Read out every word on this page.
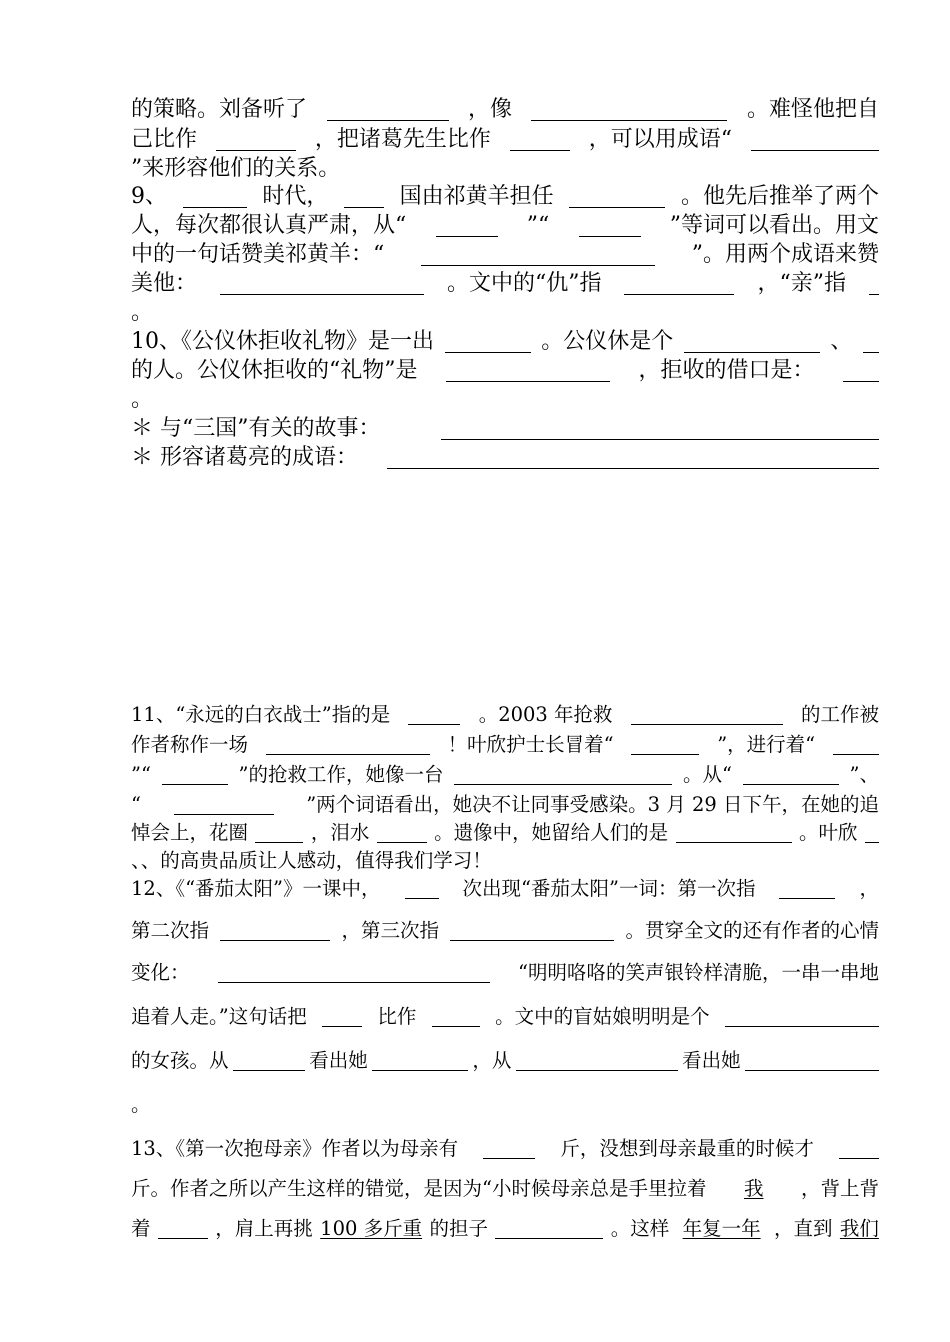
的策略。刘备听了	，像	。难怪他把自
己比作	，把诸葛先生比作	，可以用成语“
”来形容他们的关系。
9、	时代，	国由祁黄羊担任	。他先后推举了两个
人，每次都很认真严肃，从“	”“	”等词可以看出。用文
中的一句话赞美祁黄羊：“	”。用两个成语来赞
美他：	。文中的“仇”指	，“亲”指
。
10、《公仪休拒收礼物》是一出	。公仪休是个	、
的人。公仪休拒收的“礼物”是	，拒收的借口是：
。
＊ 与“三国”有关的故事：
＊ 形容诸葛亮的成语：
11、“永远的白衣战士”指的是	。2003 年抢救	的工作被
作者称作一场	！叶欣护士长冒着“	”，进行着“
”“	”的抢救工作，她像一台	。从“	”、
“	”两个词语看出，她决不让同事受感染。3 月 29 日下午，在她的追
悼会上，花圈	，泪水	。遗像中，她留给人们的是	。叶欣
、、的高贵品质让人感动，值得我们学习！
12、《“番茄太阳”》一课中，	次出现“番茄太阳”一词：第一次指	，
第二次指	，第三次指	。贯穿全文的还有作者的心情
变化：	“明明咯咯的笑声银铃样清脆，一串一串地
追着人走。”这句话把	比作	。文中的盲姑娘明明是个
的女孩。从	看出她	，从	看出她
。
13、《第一次抱母亲》作者以为母亲有	斤，没想到母亲最重的时候才
斤。作者之所以产生这样的错觉，是因为“小时候母亲总是手里拉着 我 ，背上背
着	，肩上再挑 100 多斤重 的担子	。这样 年复一年 ，直到 我们
